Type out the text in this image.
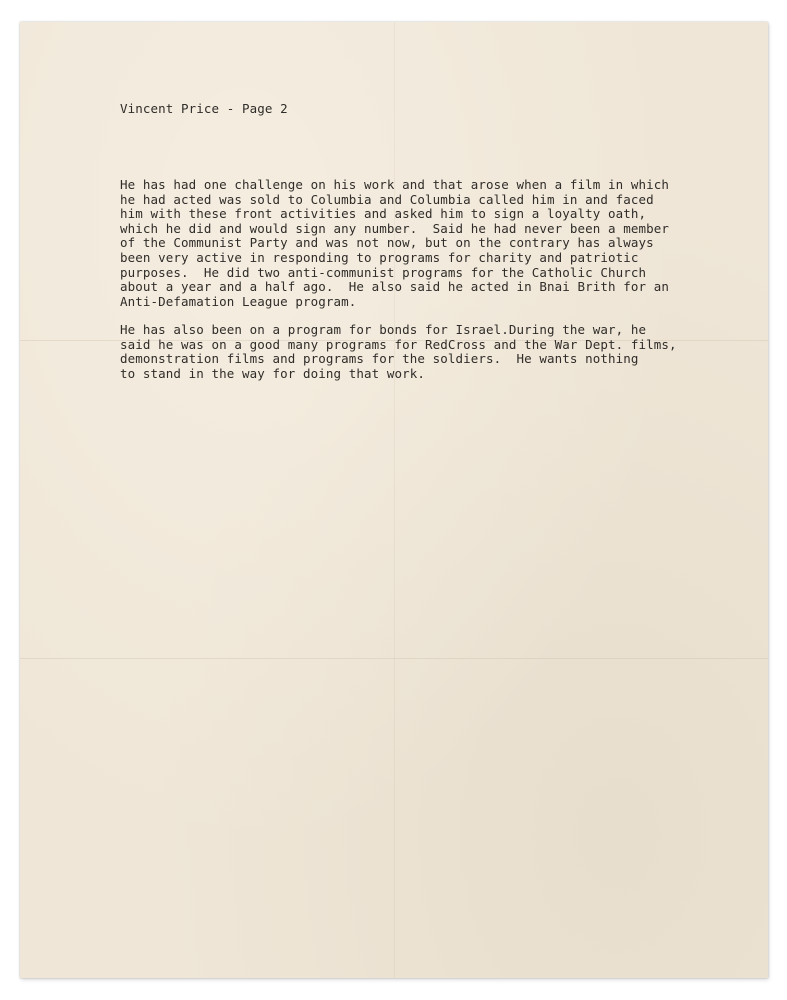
Vincent Price - Page 2
He has had one challenge on his work and that arose when a film in which
he had acted was sold to Columbia and Columbia called him in and faced
him with these front activities and asked him to sign a loyalty oath,
which he did and would sign any number.  Said he had never been a member
of the Communist Party and was not now, but on the contrary has always
been very active in responding to programs for charity and patriotic
purposes.  He did two anti-communist programs for the Catholic Church
about a year and a half ago.  He also said he acted in Bnai Brith for an
Anti-Defamation League program.
He has also been on a program for bonds for Israel.During the war, he
said he was on a good many programs for RedCross and the War Dept. films,
demonstration films and programs for the soldiers.  He wants nothing
to stand in the way for doing that work.
